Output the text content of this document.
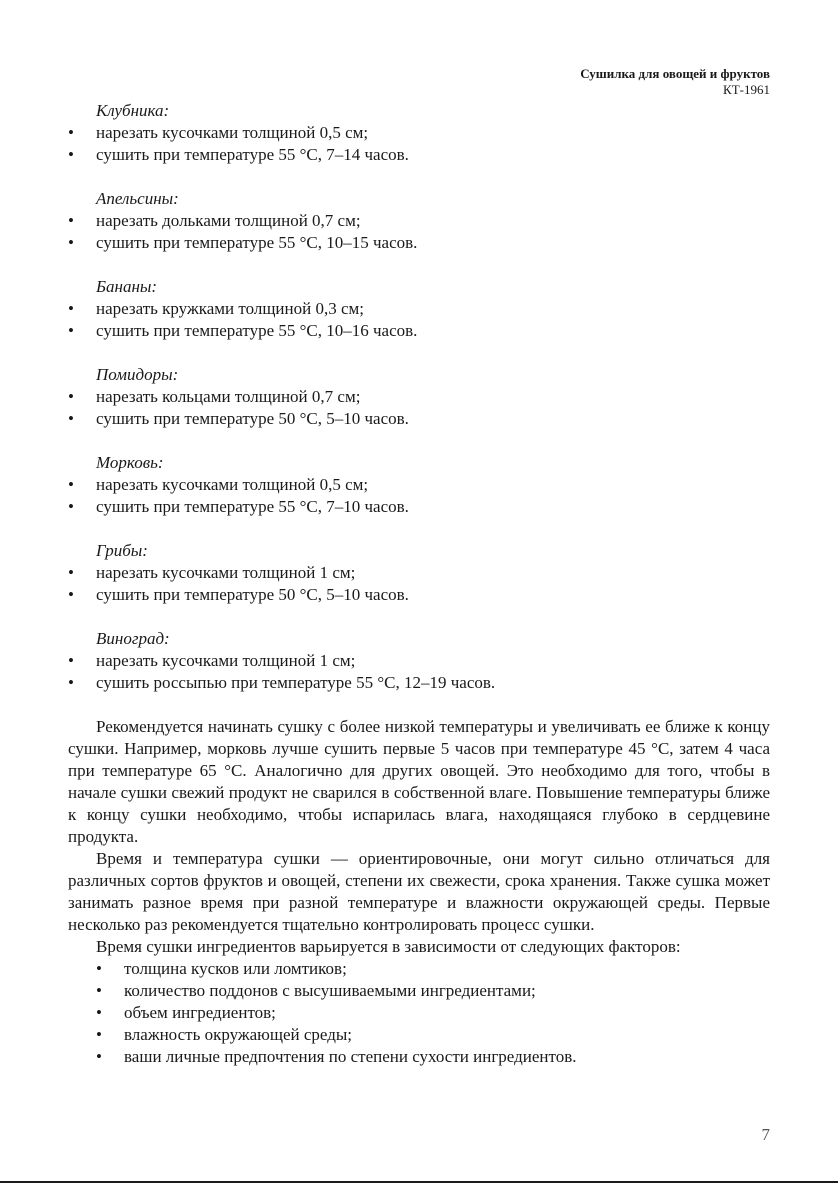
Сушилка для овощей и фруктов
КТ-1961
Клубника:
• нарезать кусочками толщиной 0,5 см;
• сушить при температуре 55 °С, 7–14 часов.
Апельсины:
• нарезать дольками толщиной 0,7 см;
• сушить при температуре 55 °С, 10–15 часов.
Бананы:
• нарезать кружками толщиной 0,3 см;
• сушить при температуре 55 °С, 10–16 часов.
Помидоры:
• нарезать кольцами толщиной 0,7 см;
• сушить при температуре 50 °С, 5–10 часов.
Морковь:
• нарезать кусочками толщиной 0,5 см;
• сушить при температуре 55 °С, 7–10 часов.
Грибы:
• нарезать кусочками толщиной 1 см;
• сушить при температуре 50 °С, 5–10 часов.
Виноград:
• нарезать кусочками толщиной 1 см;
• сушить россыпью при температуре 55 °С, 12–19 часов.

Рекомендуется начинать сушку с более низкой температуры и увеличивать ее ближе к концу сушки. Например, морковь лучше сушить первые 5 часов при температуре 45 °С, затем 4 часа при температуре 65 °С. Аналогично для других овощей. Это необходимо для того, чтобы в начале сушки свежий продукт не сварился в собственной влаге. Повышение температуры ближе к концу сушки необходимо, чтобы испарилась влага, находящаяся глубоко в сердцевине продукта.

Время и температура сушки — ориентировочные, они могут сильно отличаться для различных сортов фруктов и овощей, степени их свежести, срока хранения. Также сушка может занимать разное время при разной температуре и влажности окружающей среды. Первые несколько раз рекомендуется тщательно контролировать процесс сушки.

Время сушки ингредиентов варьируется в зависимости от следующих факторов:

• толщина кусков или ломтиков;
• количество поддонов с высушиваемыми ингредиентами;
• объем ингредиентов;
• влажность окружающей среды;
• ваши личные предпочтения по степени сухости ингредиентов.
7
